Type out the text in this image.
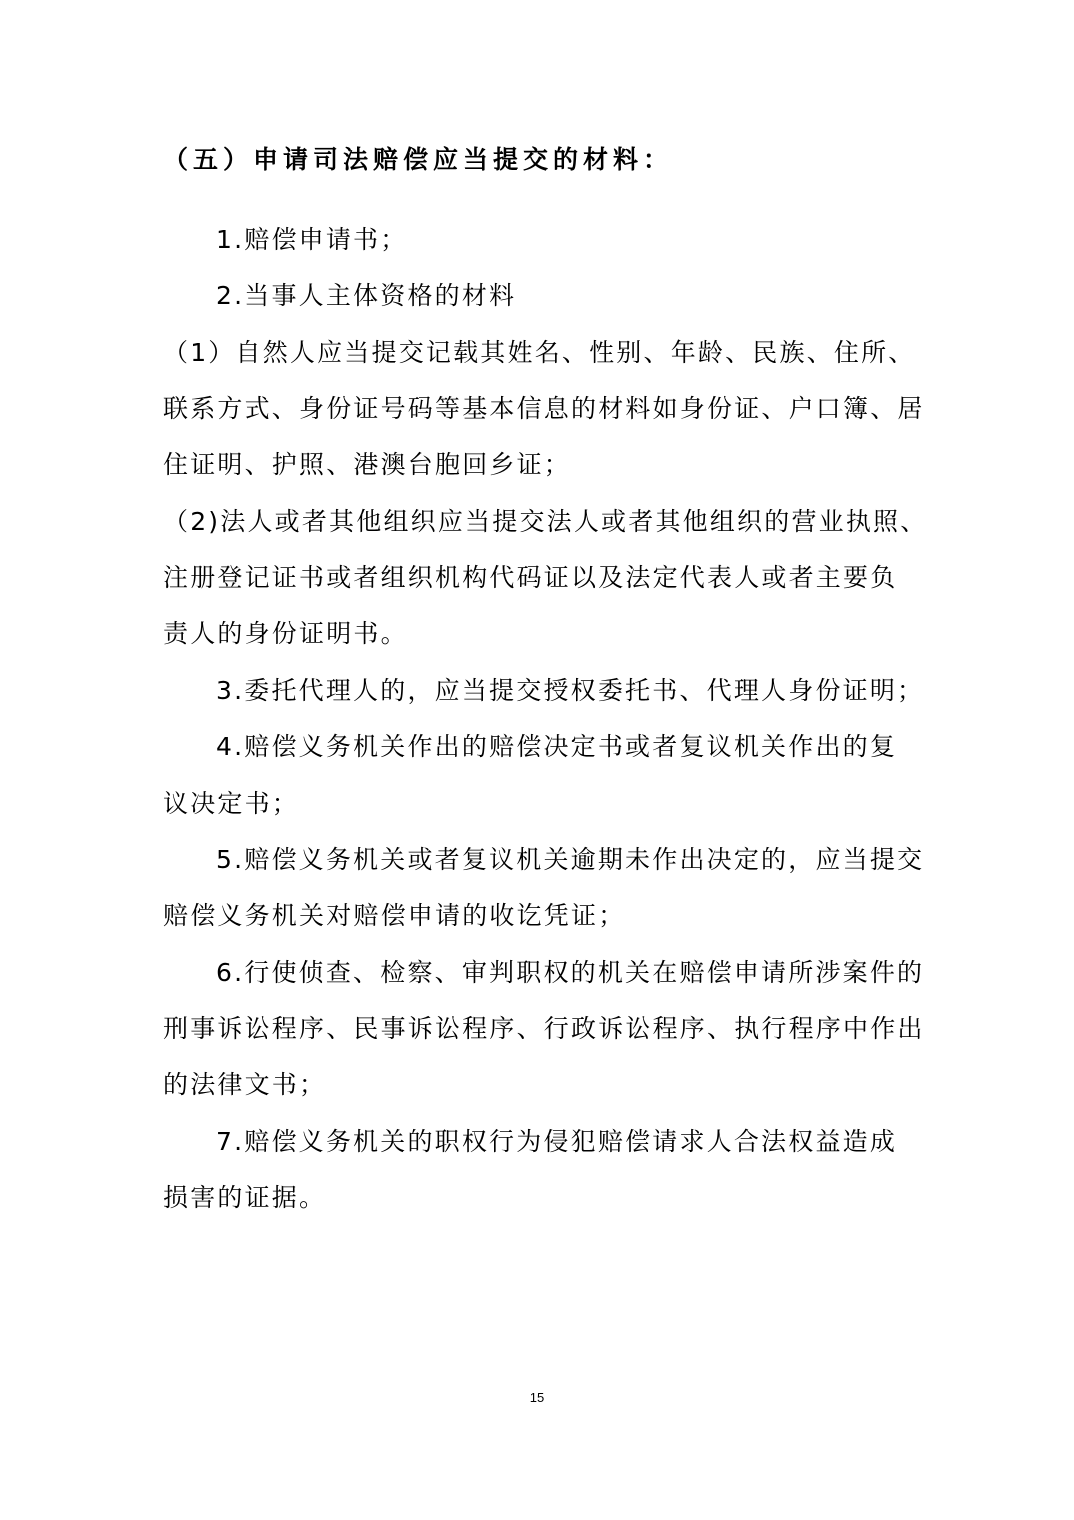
（五）申请司法赔偿应当提交的材料：
1.赔偿申请书；
2.当事人主体资格的材料
（1）自然人应当提交记载其姓名、性别、年龄、民族、住所、
联系方式、身份证号码等基本信息的材料如身份证、户口簿、居
住证明、护照、港澳台胞回乡证；
（2)法人或者其他组织应当提交法人或者其他组织的营业执照、
注册登记证书或者组织机构代码证以及法定代表人或者主要负
责人的身份证明书。
3.委托代理人的，应当提交授权委托书、代理人身份证明；
4.赔偿义务机关作出的赔偿决定书或者复议机关作出的复
议决定书；
5.赔偿义务机关或者复议机关逾期未作出决定的，应当提交
赔偿义务机关对赔偿申请的收讫凭证；
6.行使侦查、检察、审判职权的机关在赔偿申请所涉案件的
刑事诉讼程序、民事诉讼程序、行政诉讼程序、执行程序中作出
的法律文书；
7.赔偿义务机关的职权行为侵犯赔偿请求人合法权益造成
损害的证据。
15
